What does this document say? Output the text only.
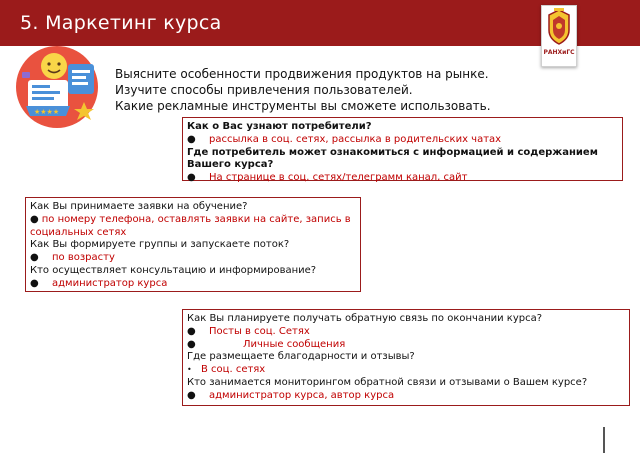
5. Маркетинг курса
РАНХиГС
★★★★
Выясните особенности продвижения продуктов на рынке.
Изучите способы привлечения пользователей.
Какие рекламные инструменты вы сможете использовать.
Как о Вас узнают потребители?
● рассылка в соц. сетях, рассылка в родительских чатах
Где потребитель может ознакомиться с информацией и содержанием Вашего курса?
● На странице в соц. сетях/телеграмм канал, сайт
Как Вы принимаете заявки на обучение?
● по номеру телефона, оставлять заявки на сайте, запись в социальных сетях
Как Вы формируете группы и запускаете поток?
● по возрасту
Кто осуществляет консультацию и информирование?
● администратор курса
Как Вы планируете получать обратную связь по окончании курса?
● Посты в соц. Сетях
●	Личные сообщения
Где размещаете благодарности и отзывы?
• В соц. сетях
Кто занимается мониторингом обратной связи и отзывами о Вашем курсе?
● администратор курса, автор курса
